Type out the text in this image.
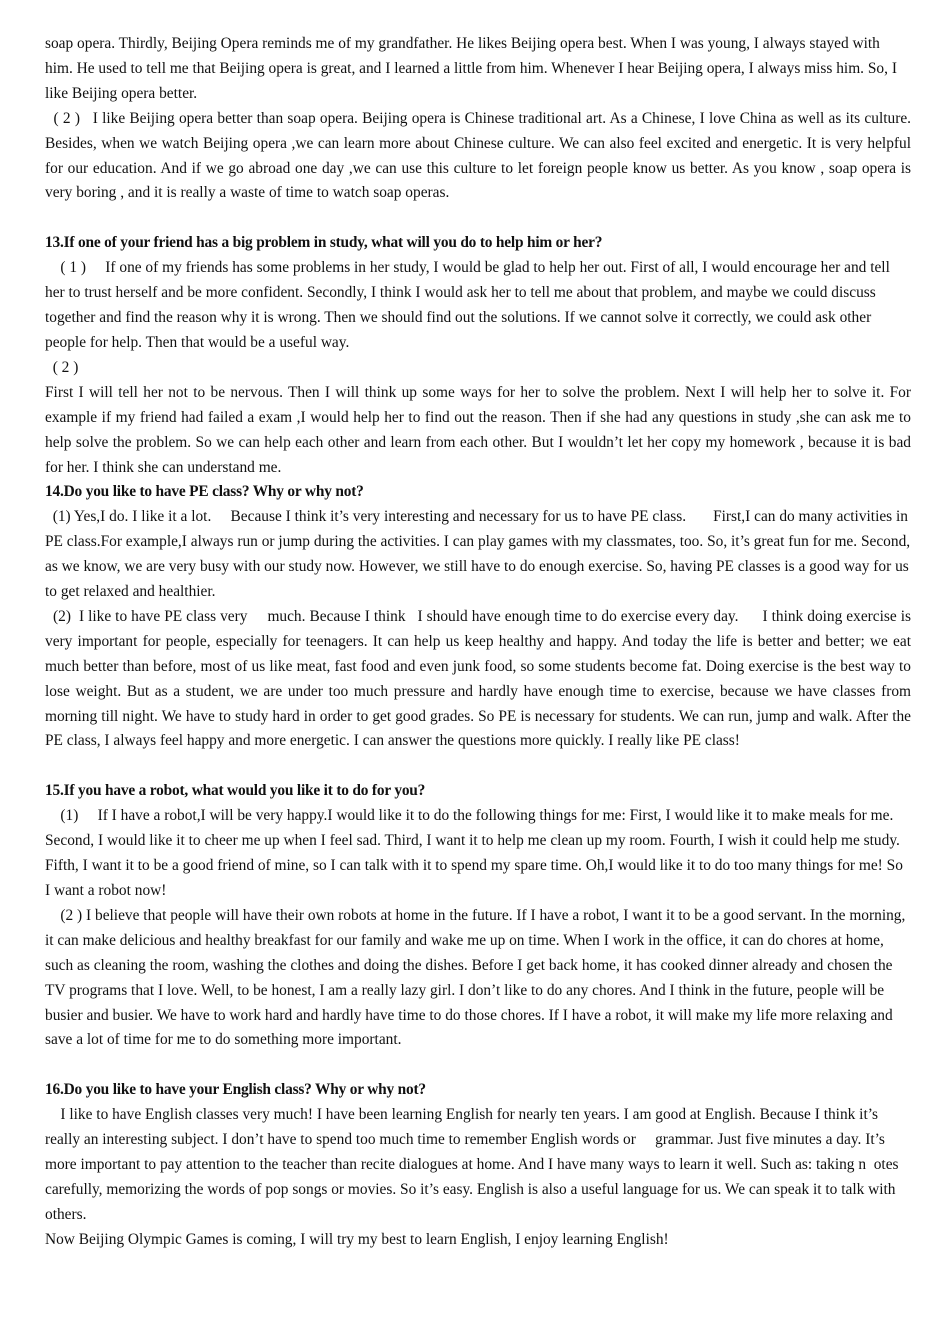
soap opera. Thirdly, Beijing Opera reminds me of my grandfather. He likes Beijing opera best. When I was young, I always stayed with him. He used to tell me that Beijing opera is great, and I learned a little from him. Whenever I hear Beijing opera, I always miss him. So, I like Beijing opera better.

( 2 )   I like Beijing opera better than soap opera. Beijing opera is Chinese traditional art. As a Chinese, I love China as well as its culture. Besides, when we watch Beijing opera ,we can learn more about Chinese culture. We can also feel excited and energetic. It is very helpful for our education. And if we go abroad one day ,we can use this culture to let foreign people know us better. As you know , soap opera is very boring , and it is really a waste of time to watch soap operas.

13.If one of your friend has a big problem in study, what will you do to help him or her?

( 1 )     If one of my friends has some problems in her study, I would be glad to help her out. First of all, I would encourage her and tell her to trust herself and be more confident. Secondly, I think I would ask her to tell me about that problem, and maybe we could discuss together and find the reason why it is wrong. Then we should find out the solutions. If we cannot solve it correctly, we could ask other people for help. Then that would be a useful way.

( 2 )

First I will tell her not to be nervous. Then I will think up some ways for her to solve the problem. Next I will help her to solve it. For example if my friend had failed a exam ,I would help her to find out the reason. Then if she had any questions in study ,she can ask me to help solve the problem. So we can help each other and learn from each other. But I wouldn’t let her copy my homework , because it is bad for her. I think she can understand me.

14.Do you like to have PE class? Why or why not?

(1) Yes,I do. I like it a lot.     Because I think it’s very interesting and necessary for us to have PE class.       First,I can do many activities in PE class.For example,I always run or jump during the activities. I can play games with my classmates, too. So, it’s great fun for me. Second, as we know, we are very busy with our study now. However, we still have to do enough exercise. So, having PE classes is a good way for us to get relaxed and healthier.

(2)  I like to have PE class very     much. Because I think   I should have enough time to do exercise every day.      I think doing exercise is very important for people, especially for teenagers. It can help us keep healthy and happy. And today the life is better and better; we eat much better than before, most of us like meat, fast food and even junk food, so some students become fat. Doing exercise is the best way to lose weight. But as a student, we are under too much pressure and hardly have enough time to exercise, because we have classes from morning till night. We have to study hard in order to get good grades. So PE is necessary for students. We can run, jump and walk. After the PE class, I always feel happy and more energetic. I can answer the questions more quickly. I really like PE class!

15.If you have a robot, what would you like it to do for you?

(1)     If I have a robot,I will be very happy.I would like it to do the following things for me: First, I would like it to make meals for me. Second, I would like it to cheer me up when I feel sad. Third, I want it to help me clean up my room. Fourth, I wish it could help me study. Fifth, I want it to be a good friend of mine, so I can talk with it to spend my spare time. Oh,I would like it to do too many things for me! So I want a robot now!

(2 ) I believe that people will have their own robots at home in the future. If I have a robot, I want it to be a good servant. In the morning, it can make delicious and healthy breakfast for our family and wake me up on time. When I work in the office, it can do chores at home, such as cleaning the room, washing the clothes and doing the dishes. Before I get back home, it has cooked dinner already and chosen the TV programs that I love. Well, to be honest, I am a really lazy girl. I don’t like to do any chores. And I think in the future, people will be busier and busier. We have to work hard and hardly have time to do those chores. If I have a robot, it will make my life more relaxing and save a lot of time for me to do something more important.

16.Do you like to have your English class? Why or why not?

I like to have English classes very much! I have been learning English for nearly ten years. I am good at English. Because I think it’s really an interesting subject. I don’t have to spend too much time to remember English words or     grammar. Just five minutes a day. It’s more important to pay attention to the teacher than recite dialogues at home. And I have many ways to learn it well. Such as: taking n  otes carefully, memorizing the words of pop songs or movies. So it’s easy. English is also a useful language for us. We can speak it to talk with others.

Now Beijing Olympic Games is coming, I will try my best to learn English, I enjoy learning English!
